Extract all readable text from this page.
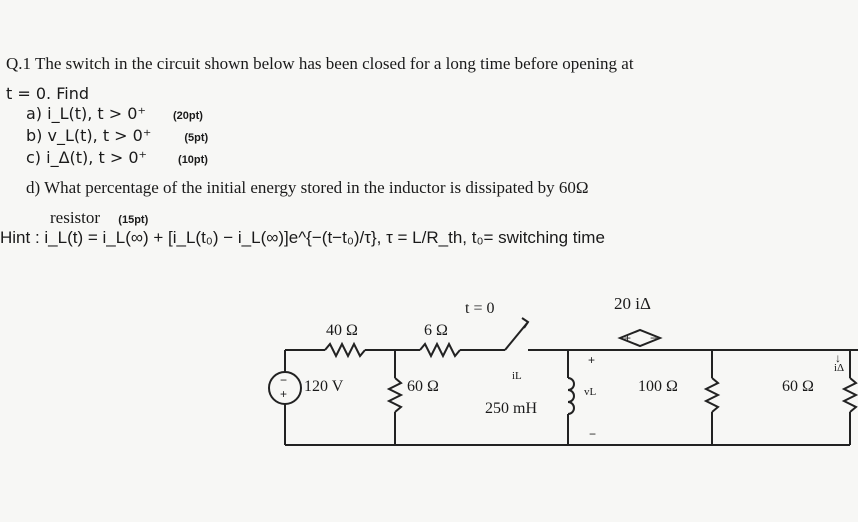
Q.1 The switch in the circuit shown below has been closed for a long time before opening at
t = 0. Find
a) i_L(t), t > 0⁺ (20pt)
b) v_L(t), t > 0⁺	(5pt)
c) i_Δ(t), t > 0⁺	(10pt)
d) What percentage of the initial energy stored in the inductor is dissipated by 60Ω
resistor (15pt)
Hint : i_L(t) = i_L(∞) + [i_L(t₀) − i_L(∞)]e^{−(t−t₀)/τ}, τ = L/R_th, t₀= switching time
−
+
+ −
+
−
↓
t = 0
40 Ω	6 Ω
120 V	60 Ω
250 mH
20 iΔ
100 Ω	60 Ω
vL
iL
iΔ
